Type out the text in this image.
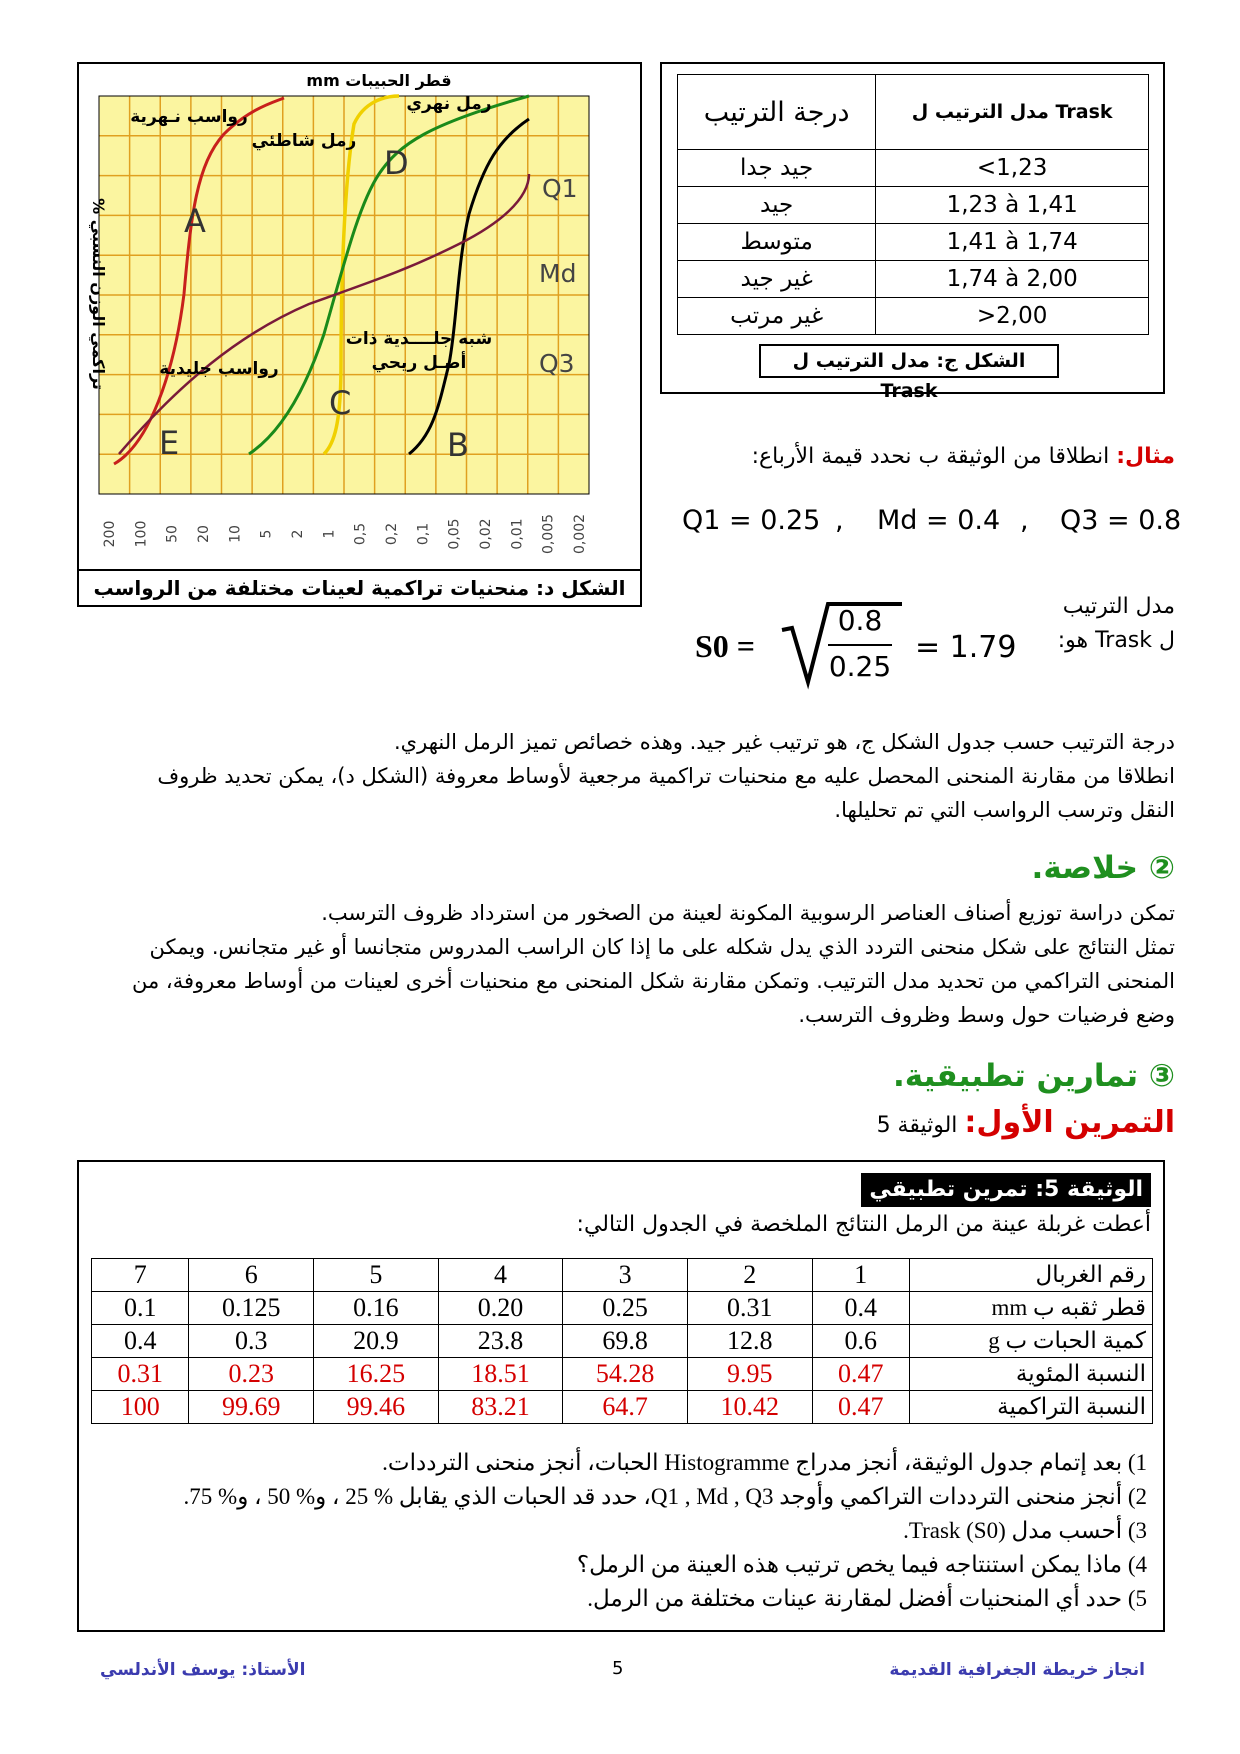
قطر الحبيبات mm
% تراكمي الوزن النسبي A
B
C
D
E
Q1
Md
Q3
رواسب نـهرية
رمل شاطئي
رمل نهري
رواسب جليدية
شبه جلــــدية ذات
أصـل ريحي
200 100 50 20 10 5 2 1 0,5 0,2 0,1 0,05 0,02 0,01 0,005 0,002
الشكل د: منحنيات تراكمية لعينات مختلفة من الرواسب
درجة الترتيب	مدل الترتيب ل Trask
جيد جدا	<1,23
جيد	1,23 à 1,41
متوسط	1,41 à 1,74
غير جيد	1,74 à 2,00
غير مرتب	>2,00
الشكل ج: مدل الترتيب ل Trask
مثال: انطلاقا من الوثيقة ب نحدد قيمة الأرباع:
Q1 = 0.25 , Md = 0.4 , Q3 = 0.8
مدل الترتيب
ل Trask هو:
S0 =
0.8
0.25
= 1.79
درجة الترتيب حسب جدول الشكل ج، هو ترتيب غير جيد. وهذه خصائص تميز الرمل النهري.
انطلاقا من مقارنة المنحنى المحصل عليه مع منحنيات تراكمية مرجعية لأوساط معروفة (الشكل د)، يمكن تحديد ظروف
النقل وترسب الرواسب التي تم تحليلها.
② خلاصة.
تمكن دراسة توزيع أصناف العناصر الرسوبية المكونة لعينة من الصخور من استرداد ظروف الترسب.
تمثل النتائج على شكل منحنى التردد الذي يدل شكله على ما إذا كان الراسب المدروس متجانسا أو غير متجانس. ويمكن
المنحنى التراكمي من تحديد مدل الترتيب. وتمكن مقارنة شكل المنحنى مع منحنيات أخرى لعينات من أوساط معروفة، من
وضع فرضيات حول وسط وظروف الترسب.
③ تمارين تطبيقية.
التمرين الأول: الوثيقة 5
الوثيقة 5: تمرين تطبيقي
أعطت غربلة عينة من الرمل النتائج الملخصة في الجدول التالي:
7	6	5	4	3	2	1	رقم الغربال
0.1	0.125	0.16	0.20	0.25	0.31	0.4	قطر ثقبه ب mm
0.4	0.3	20.9	23.8	69.8	12.8	0.6	كمية الحبات ب g
0.31	0.23	16.25	18.51	54.28	9.95	0.47	النسبة المئوية
100	99.69	99.46	83.21	64.7	10.42	0.47	النسبة التراكمية
1) بعد إتمام جدول الوثيقة، أنجز مدراج Histogramme الحبات، أنجز منحنى الترددات.
2) أنجز منحنى الترددات التراكمي وأوجد Q1 , Md , Q3، حدد قد الحبات الذي يقابل % 25 ، و% 50 ، و% 75.
3) أحسب مدل Trask (S0).
4) ماذا يمكن استنتاجه فيما يخص ترتيب هذه العينة من الرمل؟
5) حدد أي المنحنيات أفضل لمقارنة عينات مختلفة من الرمل.
انجاز خريطة الجغرافية القديمة
5
الأستاذ: يوسف الأندلسي
